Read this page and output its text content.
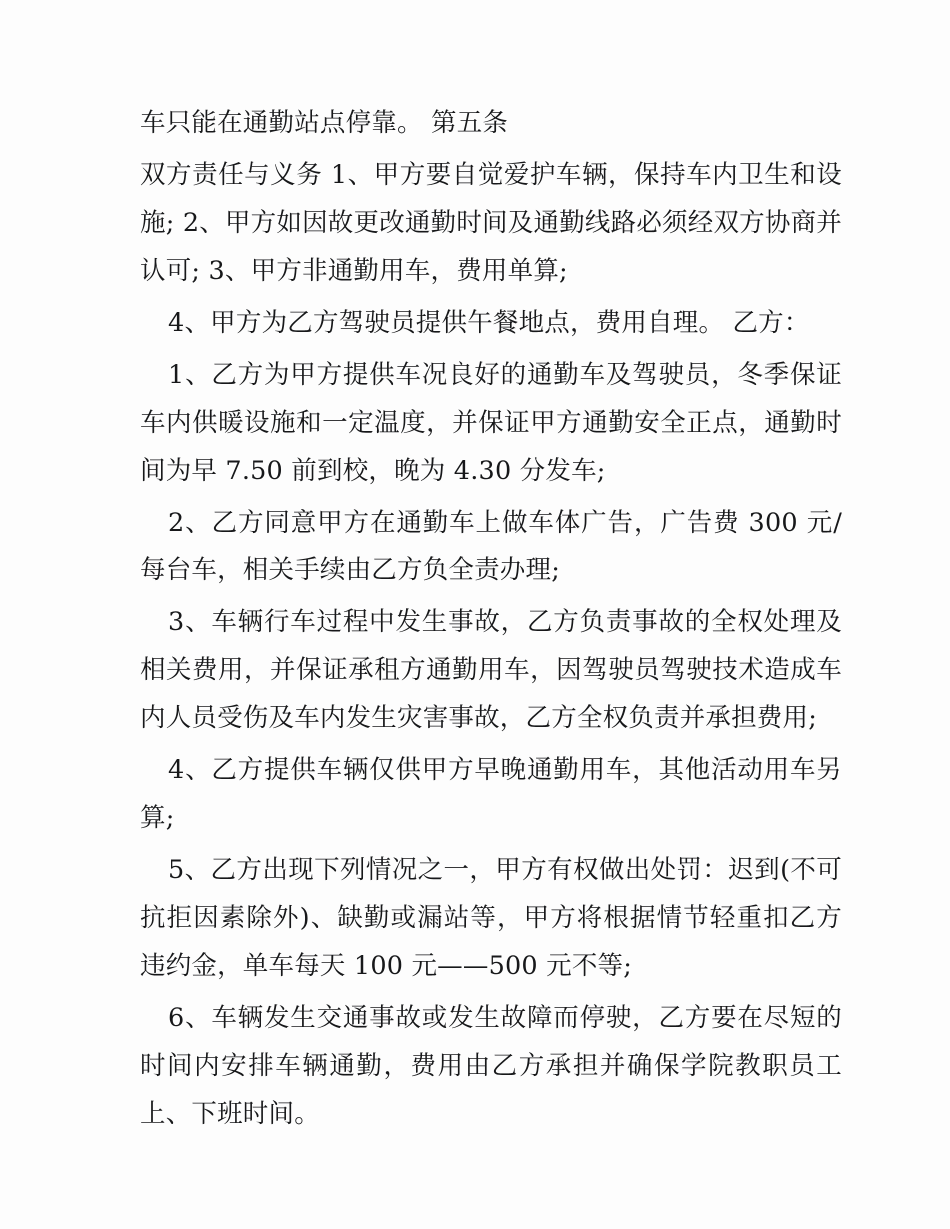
车只能在通勤站点停靠。 第五条

双方责任与义务 1、甲方要自觉爱护车辆，保持车内卫生和设施; 2、甲方如因故更改通勤时间及通勤线路必须经双方协商并认可; 3、甲方非通勤用车，费用单算;

4、甲方为乙方驾驶员提供午餐地点，费用自理。 乙方：

1、乙方为甲方提供车况良好的通勤车及驾驶员，冬季保证车内供暖设施和一定温度，并保证甲方通勤安全正点，通勤时间为早 7.50 前到校，晚为 4.30 分发车;

2、乙方同意甲方在通勤车上做车体广告，广告费 300 元/每台车，相关手续由乙方负全责办理;

3、车辆行车过程中发生事故，乙方负责事故的全权处理及相关费用，并保证承租方通勤用车，因驾驶员驾驶技术造成车内人员受伤及车内发生灾害事故，乙方全权负责并承担费用;

4、乙方提供车辆仅供甲方早晚通勤用车，其他活动用车另算;

5、乙方出现下列情况之一，甲方有权做出处罚：迟到(不可抗拒因素除外)、缺勤或漏站等，甲方将根据情节轻重扣乙方违约金，单车每天 100 元——500 元不等;

6、车辆发生交通事故或发生故障而停驶，乙方要在尽短的时间内安排车辆通勤，费用由乙方承担并确保学院教职员工上、下班时间。
